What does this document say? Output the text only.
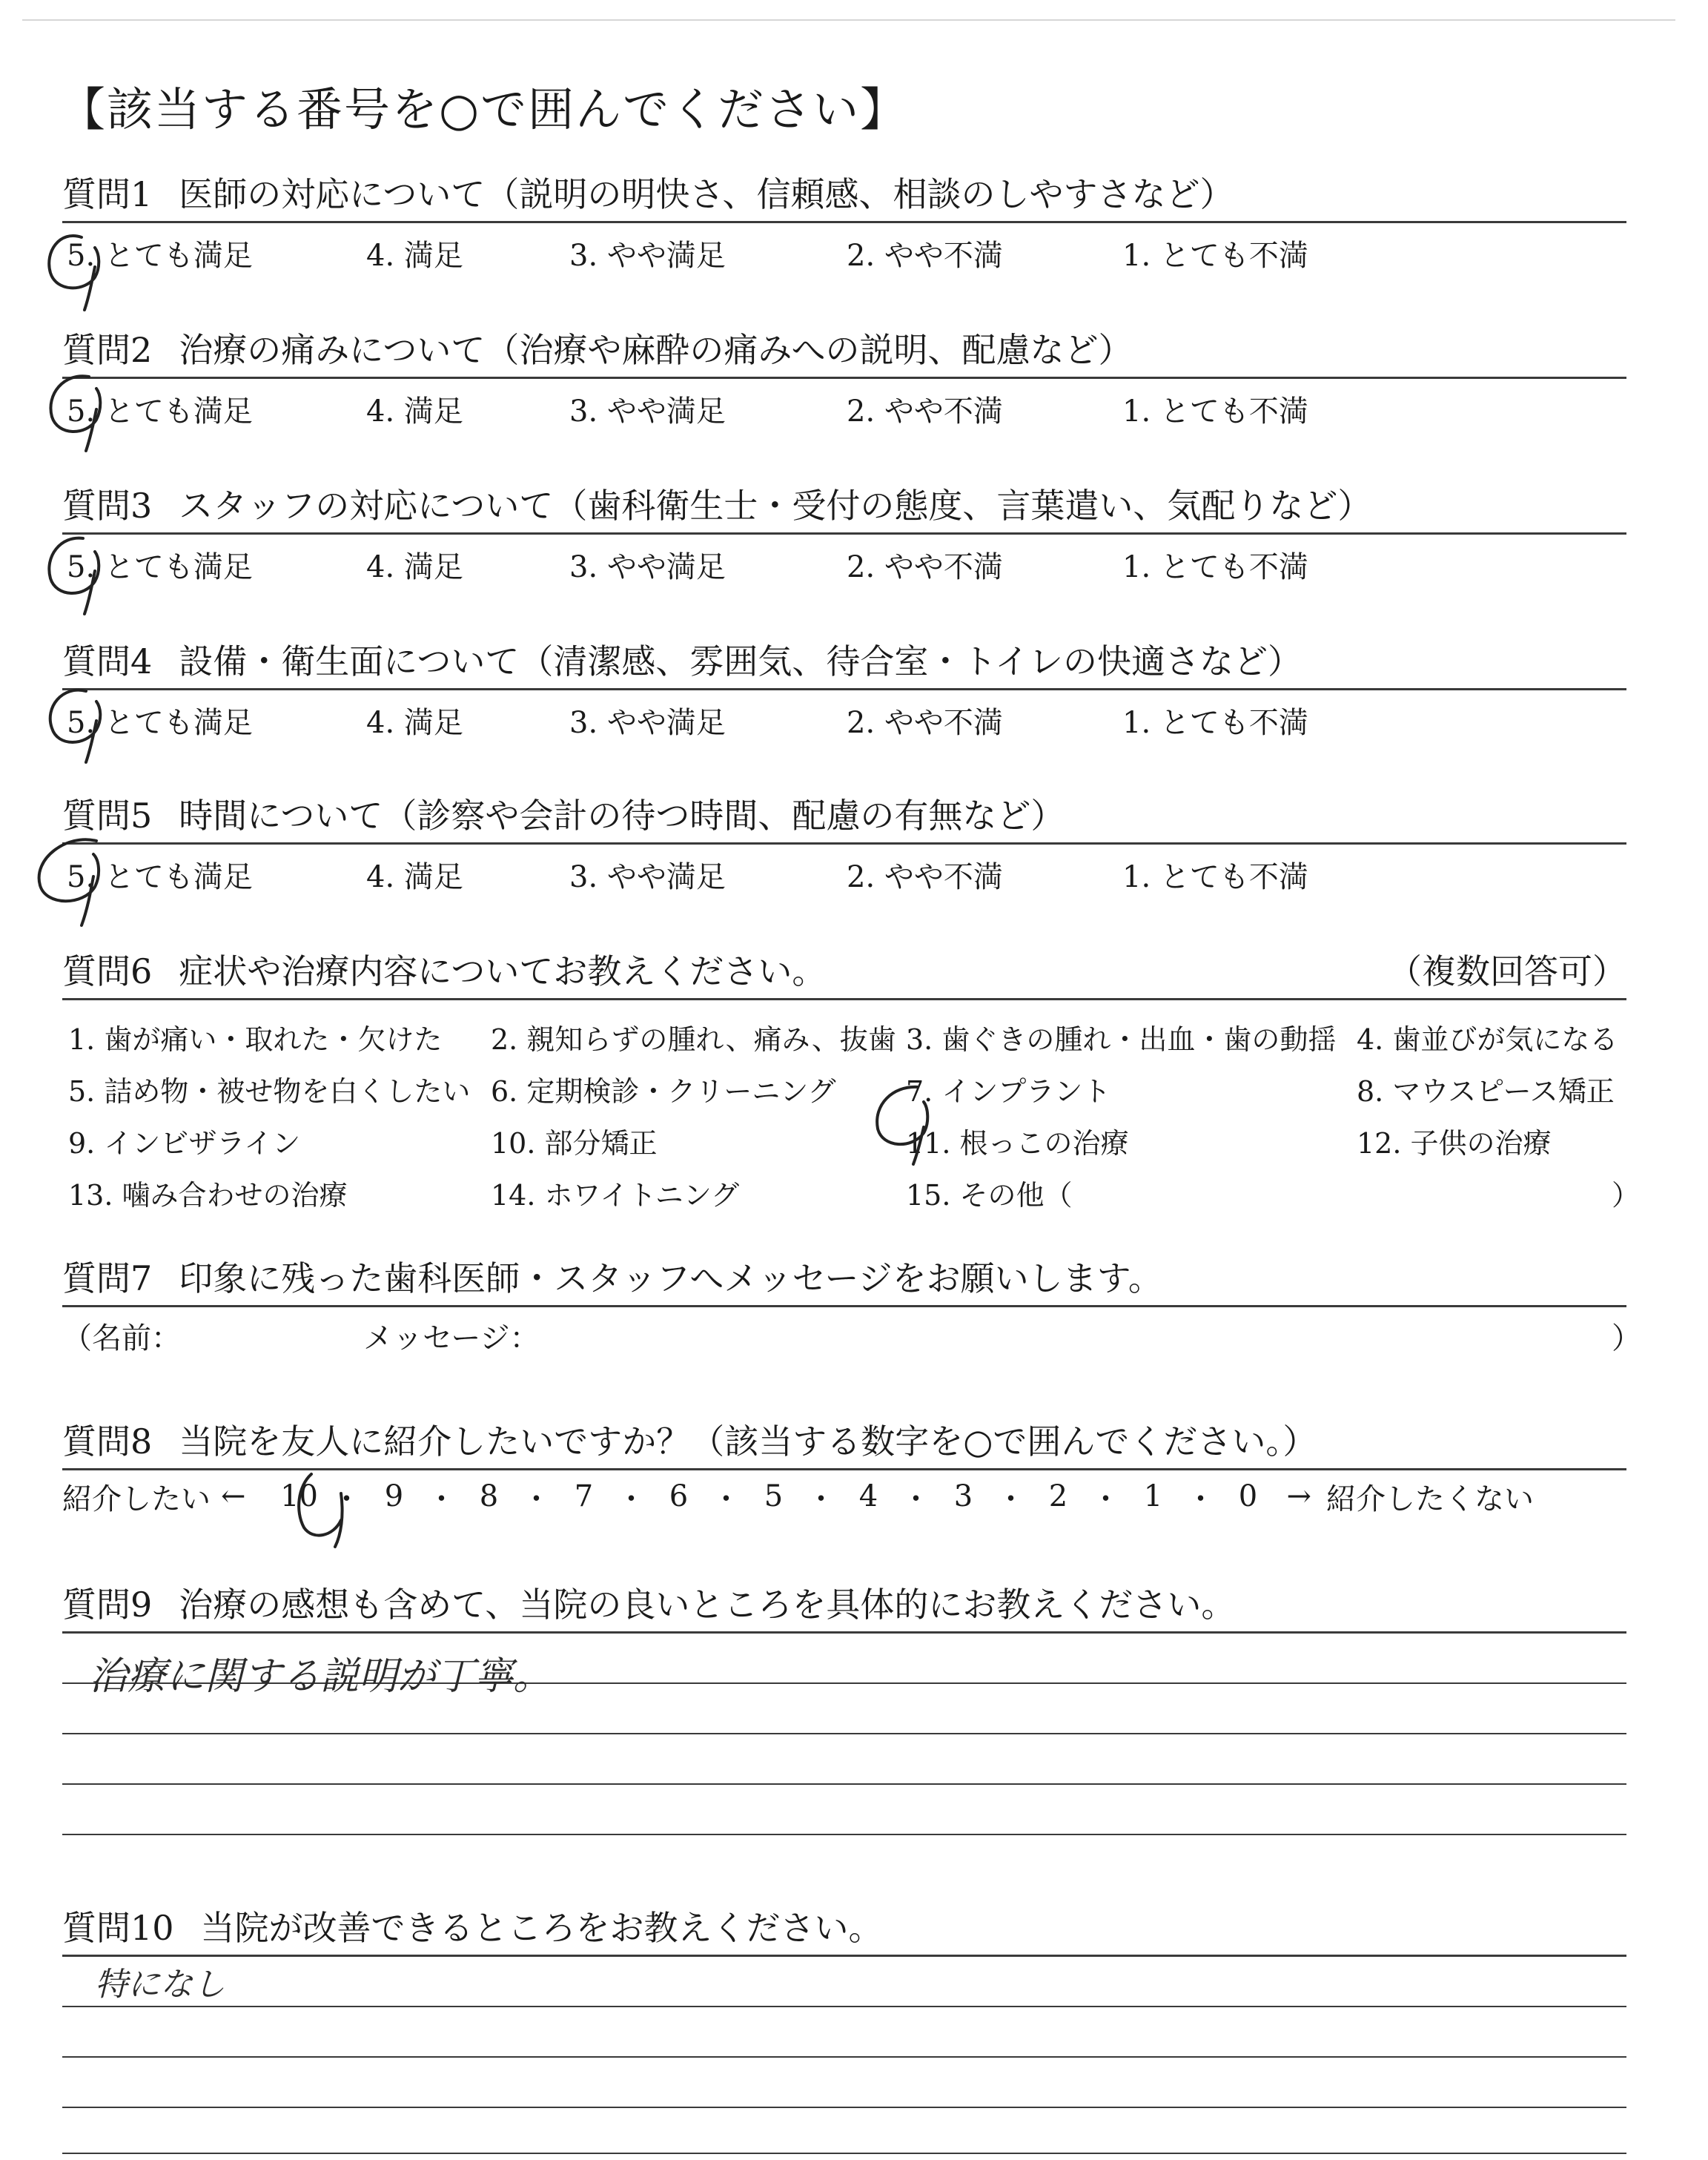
【該当する番号を○で囲んでください】
質問1 医師の対応について（説明の明快さ、信頼感、相談のしやすさなど）
5. とても満足	4. 満足	3. やや満足	2. やや不満	1. とても不満
質問2 治療の痛みについて（治療や麻酔の痛みへの説明、配慮など）
5. とても満足	4. 満足	3. やや満足	2. やや不満	1. とても不満
質問3 スタッフの対応について（歯科衛生士・受付の態度、言葉遣い、気配りなど）
5. とても満足	4. 満足	3. やや満足	2. やや不満	1. とても不満
質問4 設備・衛生面について（清潔感、雰囲気、待合室・トイレの快適さなど）
5. とても満足	4. 満足	3. やや満足	2. やや不満	1. とても不満
質問5 時間について（診察や会計の待つ時間、配慮の有無など）
5. とても満足	4. 満足	3. やや満足	2. やや不満	1. とても不満
質問6 症状や治療内容についてお教えください。	（複数回答可）
1. 歯が痛い・取れた・欠けた 2. 親知らずの腫れ、痛み、抜歯 3. 歯ぐきの腫れ・出血・歯の動揺 4. 歯並びが気になる
5. 詰め物・被せ物を白くしたい 6. 定期検診・クリーニング 7. インプラント	8. マウスピース矯正
9. インビザライン	10. 部分矯正	11. 根っこの治療	12. 子供の治療
13. 噛み合わせの治療	14. ホワイトニング	15. その他（	）
質問7 印象に残った歯科医師・スタッフへメッセージをお願いします。
（名前：	メッセージ：	）
質問8 当院を友人に紹介したいですか？（該当する数字を○で囲んでください。）
紹介したい ← 10 ・ 9 ・ 8 ・ 7 ・ 6 ・ 5 ・ 4 ・ 3 ・ 2 ・ 1 ・ 0 → 紹介したくない
質問9 治療の感想も含めて、当院の良いところを具体的にお教えください。
質問10 当院が改善できるところをお教えください。
治療に関する説明が丁寧。
特になし
